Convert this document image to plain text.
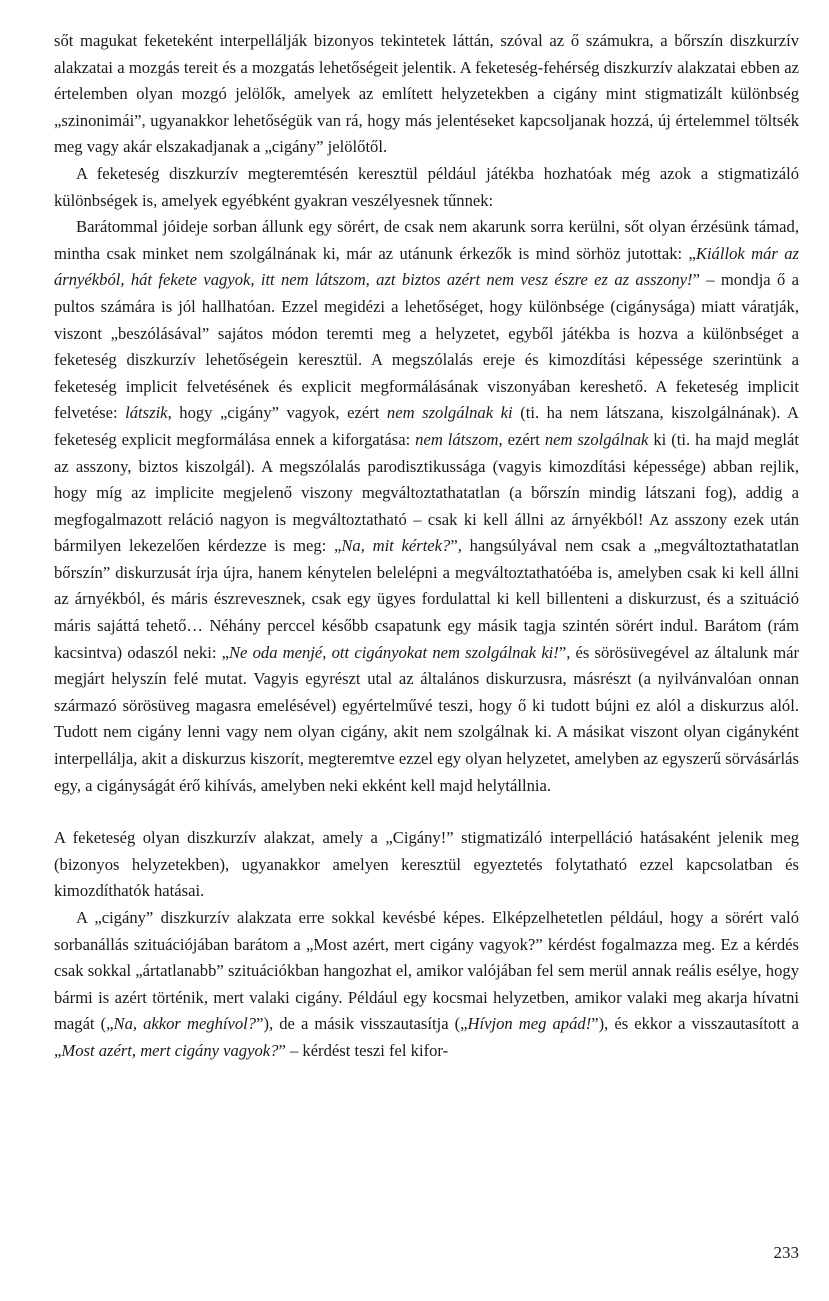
sőt magukat feketeként interpellálják bizonyos tekintetek láttán, szóval az ő számukra, a bőrszín diszkurzív alakzatai a mozgás tereit és a mozgatás lehetőségeit jelentik. A feketeség-fehérség diszkurzív alakzatai ebben az értelemben olyan mozgó jelölők, amelyek az említett helyzetekben a cigány mint stigmatizált különbség „szinonimái”, ugyanakkor lehetőségük van rá, hogy más jelentéseket kapcsoljanak hozzá, új értelemmel töltsék meg vagy akár elszakadjanak a „cigány” jelölőtől.

A feketeség diszkurzív megteremtésén keresztül például játékba hozhatóak még azok a stigmatizáló különbségek is, amelyek egyébként gyakran veszélyesnek tűnnek:

Barátommal jóideje sorban állunk egy sörért, de csak nem akarunk sorra kerülni, sőt olyan érzésünk támad, mintha csak minket nem szolgálnának ki, már az utánunk érkezők is mind sörhöz jutottak: „Kiállok már az árnyékból, hát fekete vagyok, itt nem látszom, azt biztos azért nem vesz észre ez az asszony!” – mondja ő a pultos számára is jól hallhatóan. Ezzel megidézi a lehetőséget, hogy különbsége (cigánysága) miatt váratják, viszont „beszólásával” sajátos módon teremti meg a helyzetet, egyből játékba is hozva a különbséget a feketeség diszkurzív lehetőségein keresztül. A megszólalás ereje és kimozdítási képessége szerintünk a feketeség implicit felvetésének és explicit megformálásának viszonyában kereshető. A feketeség implicit felvetése: látszik, hogy „cigány” vagyok, ezért nem szolgálnak ki (ti. ha nem látszana, kiszolgálnának). A feketeség explicit megformálása ennek a kiforgatása: nem látszom, ezért nem szolgálnak ki (ti. ha majd meglát az asszony, biztos kiszolgál). A megszólalás parodisztikussága (vagyis kimozdítási képessége) abban rejlik, hogy míg az implicite megjelenő viszony megváltoztathatatlan (a bőrszín mindig látszani fog), addig a megfogalmazott reláció nagyon is megváltoztatható – csak ki kell állni az árnyékból! Az asszony ezek után bármilyen lekezelően kérdezze is meg: „Na, mit kértek?”, hangsúlyával nem csak a „megváltoztathatatlan bőrszín” diskurzusát írja újra, hanem kénytelen belelépni a megváltoztathatóéba is, amelyben csak ki kell állni az árnyékból, és máris észrevesznek, csak egy ügyes fordulattal ki kell billenteni a diskurzust, és a szituáció máris sajáttá tehető… Néhány perccel később csapatunk egy másik tagja szintén sörért indul. Barátom (rám kacsintva) odaszól neki: „Ne oda menjé, ott cigányokat nem szolgálnak ki!”, és sörösüvegével az általunk már megjárt helyszín felé mutat. Vagyis egyrészt utal az általános diskurzusra, másrészt (a nyilvánvalóan onnan származó sörösüveg magasra emelésével) egyértelművé teszi, hogy ő ki tudott bújni ez alól a diskurzus alól. Tudott nem cigány lenni vagy nem olyan cigány, akit nem szolgálnak ki. A másikat viszont olyan cigányként interpellálja, akit a diskurzus kiszorít, megteremtve ezzel egy olyan helyzetet, amelyben az egyszerű sörvásárlás egy, a cigányságát érő kihívás, amelyben neki ekként kell majd helytállnia.

A feketeség olyan diszkurzív alakzat, amely a „Cigány!” stigmatizáló interpelláció hatásaként jelenik meg (bizonyos helyzetekben), ugyanakkor amelyen keresztül egyeztetés folytatható ezzel kapcsolatban és kimozdíthatók hatásai.

A „cigány” diszkurzív alakzata erre sokkal kevésbé képes. Elképzelhetetlen például, hogy a sörért való sorbanállás szituációjában barátom a „Most azért, mert cigány vagyok?” kérdést fogalmazza meg. Ez a kérdés csak sokkal „ártatlanabb” szituációkban hangozhat el, amikor valójában fel sem merül annak reális esélye, hogy bármi is azért történik, mert valaki cigány. Például egy kocsmai helyzetben, amikor valaki meg akarja hívatni magát („Na, akkor meghívol?”), de a másik visszautasítja („Hívjon meg apád!”), és ekkor a visszautasított a „Most azért, mert cigány vagyok?” – kérdést teszi fel kifor-

233
